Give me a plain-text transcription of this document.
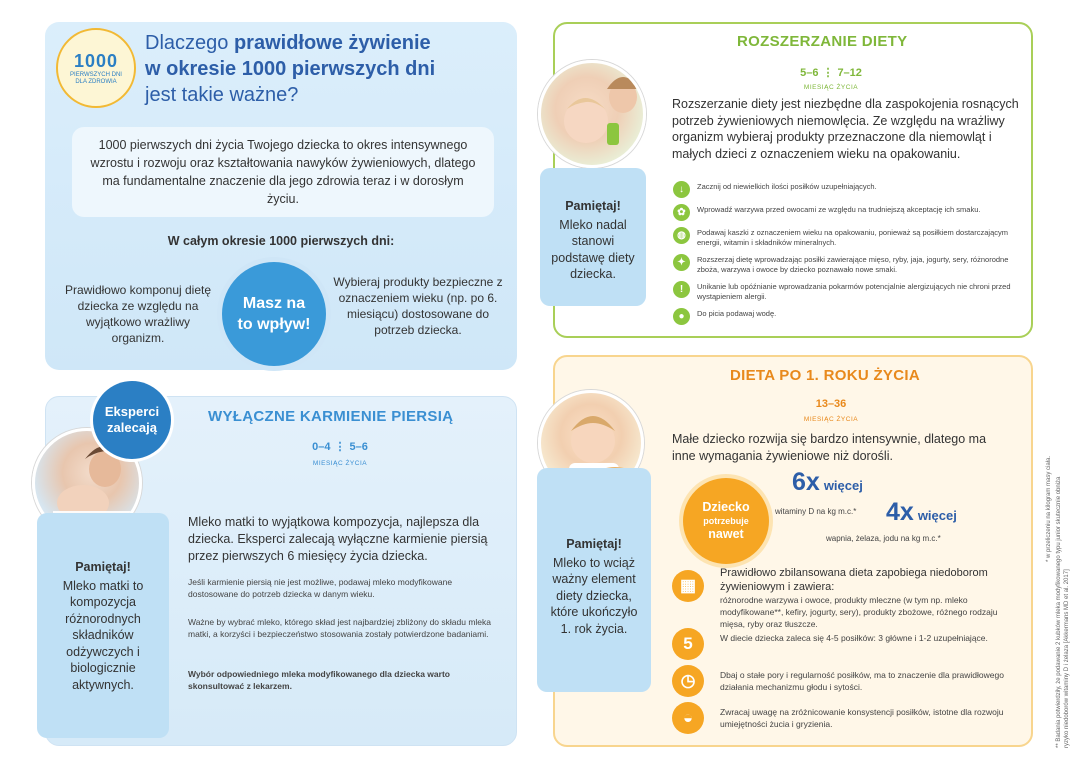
1000
PIERWSZYCH DNI DLA ZDROWIA
Dlaczego prawidłowe żywienie
w okresie 1000 pierwszych dni
jest takie ważne?
1000 pierwszych dni życia Twojego dziecka to okres intensywnego wzrostu i rozwoju oraz kształtowania nawyków żywieniowych, dlatego ma fundamentalne znaczenie dla jego zdrowia teraz i w dorosłym życiu.
W całym okresie 1000 pierwszych dni:
Prawidłowo komponuj dietę dziecka ze względu na wyjątkowo wrażliwy organizm.
Masz na
to wpływ!
Wybieraj produkty bezpieczne z oznaczeniem wieku (np. po 6. miesiącu) dostosowane do potrzeb dziecka.
Eksperci
zalecają
WYŁĄCZNE KARMIENIE PIERSIĄ
0–4 ⋮ 5–6
MIESIĄC ŻYCIA
Pamiętaj!
Mleko matki to kompozycja różnorodnych składników odżywczych i biologicznie aktywnych.
Mleko matki to wyjątkowa kompozycja, najlepsza dla dziecka. Eksperci zalecają wyłączne karmienie piersią przez pierwszych 6 miesięcy życia dziecka.
Jeśli karmienie piersią nie jest możliwe, podawaj mleko modyfikowane dostosowane do potrzeb dziecka w danym wieku.
Ważne by wybrać mleko, którego skład jest najbardziej zbliżony do składu mleka matki, a korzyści i bezpieczeństwo stosowania zostały potwierdzone badaniami.
Wybór odpowiedniego mleka modyfikowanego dla dziecka warto skonsultować z lekarzem.
ROZSZERZANIE DIETY
5–6 ⋮ 7–12
MIESIĄC ŻYCIA
Rozszerzanie diety jest niezbędne dla zaspokojenia rosnących potrzeb żywieniowych niemowlęcia. Ze względu na wrażliwy organizm wybieraj produkty przeznaczone dla niemowląt i małych dzieci z oznaczeniem wieku na opakowaniu.
Pamiętaj!
Mleko nadal stanowi podstawę diety dziecka.
↓	Zacznij od niewielkich ilości posiłków uzupełniających.
✿	Wprowadź warzywa przed owocami ze względu na trudniejszą akceptację ich smaku.
◍	Podawaj kaszki z oznaczeniem wieku na opakowaniu, ponieważ są posiłkiem dostarczającym energii, witamin i składników mineralnych.
✦	Rozszerzaj dietę wprowadzając posiłki zawierające mięso, ryby, jaja, jogurty, sery, różnorodne zboża, warzywa i owoce by dziecko poznawało nowe smaki.
!	Unikanie lub opóźnianie wprowadzania pokarmów potencjalnie alergizujących nie chroni przed wystąpieniem alergii.
●	Do picia podawaj wodę.
DIETA PO 1. ROKU ŻYCIA
13–36
MIESIĄC ŻYCIA
Małe dziecko rozwija się bardzo intensywnie, dlatego ma inne wymagania żywieniowe niż dorośli.
Pamiętaj!
Mleko to wciąż ważny element diety dziecka, które ukończyło 1. rok życia.
Dziecko
potrzebuje
nawet
6x więcej
witaminy D na kg m.c.* 4x więcej
wapnia, żelaza, jodu na kg m.c.*
▦
Prawidłowo zbilansowana dieta zapobiega niedoborom żywieniowym i zawiera:
różnorodne warzywa i owoce, produkty mleczne (w tym np. mleko modyfikowane**, kefiry, jogurty, sery), produkty zbożowe, różnego rodzaju mięsa, ryby oraz tłuszcze.
5	W diecie dziecka zaleca się 4-5 posiłków: 3 główne i 1-2 uzupełniające.
◷	Dbaj o stałe pory i regularność posiłków, ma to znaczenie dla prawidłowego działania mechanizmu głodu i sytości.
◒	Zwracaj uwagę na zróżnicowanie konsystencji posiłków, istotne dla rozwoju umiejętności żucia i gryzienia.
* w przeliczeniu na kilogram masy ciała. ** Badania potwierdziły, że podawanie 2 kubków mleka modyfikowanego typu junior skutecznie obniża ryzyko niedoborów witaminy D i żelaza [Akkermans MD et al. 2017]
